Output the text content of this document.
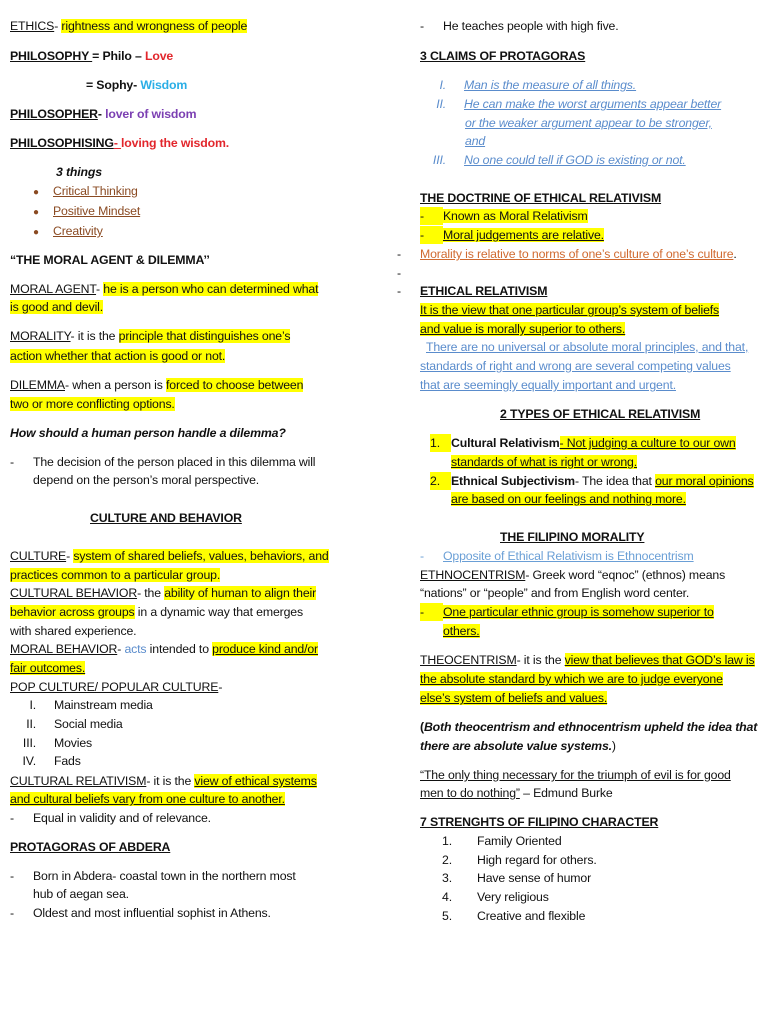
ETHICS- rightness and wrongness of people
PHILOSOPHY = Philo – Love
= Sophy- Wisdom
PHILOSOPHER- lover of wisdom
PHILOSOPHISING- loving the wisdom.
3 things
● Critical Thinking
● Positive Mindset
● Creativity
“THE MORAL AGENT & DILEMMA’’
MORAL AGENT- he is a person who can determined what
is good and devil.
MORALITY- it is the principle that distinguishes one’s
action whether that action is good or not.
DILEMMA- when a person is forced to choose between
two or more conflicting options.
How should a human person handle a dilemma?
- The decision of the person placed in this dilemma will
depend on the person’s moral perspective.
CULTURE AND BEHAVIOR
CULTURE- system of shared beliefs, values, behaviors, and
practices common to a particular group.
CULTURAL BEHAVIOR- the ability of human to align their
behavior across groups in a dynamic way that emerges
with shared experience.
MORAL BEHAVIOR- acts intended to produce kind and/or
fair outcomes.
POP CULTURE/ POPULAR CULTURE-
I. Mainstream media
II. Social media
III. Movies
IV. Fads
CULTURAL RELATIVISM- it is the view of ethical systems
and cultural beliefs vary from one culture to another.
- Equal in validity and of relevance.
PROTAGORAS OF ABDERA
- Born in Abdera- coastal town in the northern most
hub of aegan sea.
- Oldest and most influential sophist in Athens.
- He teaches people with high five.
3 CLAIMS OF PROTAGORAS
I. Man is the measure of all things.
II. He can make the worst arguments appear better
or the weaker argument appear to be stronger,
and
III. No one could tell if GOD is existing or not.
THE DOCTRINE OF ETHICAL RELATIVISM
- Known as Moral Relativism
- Moral judgements are relative.
- Morality is relative to norms of one’s culture of one’s culture.
-
- ETHICAL RELATIVISM
It is the view that one particular group’s system of beliefs
and value is morally superior to others.
There are no universal or absolute moral principles, and that,
standards of right and wrong are several competing values
that are seemingly equally important and urgent.
2 TYPES OF ETHICAL RELATIVISM
1. Cultural Relativism- Not judging a culture to our own
standards of what is right or wrong.
2. Ethnical Subjectivism- The idea that our moral opinions
are based on our feelings and nothing more.
THE FILIPINO MORALITY
- Opposite of Ethical Relativism is Ethnocentrism
ETHNOCENTRISM- Greek word “eqnoc” (ethnos) means
“nations” or “people” and from English word center.
- One particular ethnic group is somehow superior to
others.
THEOCENTRISM- it is the view that believes that GOD’s law is
the absolute standard by which we are to judge everyone
else’s system of beliefs and values.
(Both theocentrism and ethnocentrism upheld the idea that
there are absolute value systems.)
“The only thing necessary for the triumph of evil is for good
men to do nothing” – Edmund Burke
7 STRENGHTS OF FILIPINO CHARACTER
1. Family Oriented
2. High regard for others.
3. Have sense of humor
4. Very religious
5. Creative and flexible
